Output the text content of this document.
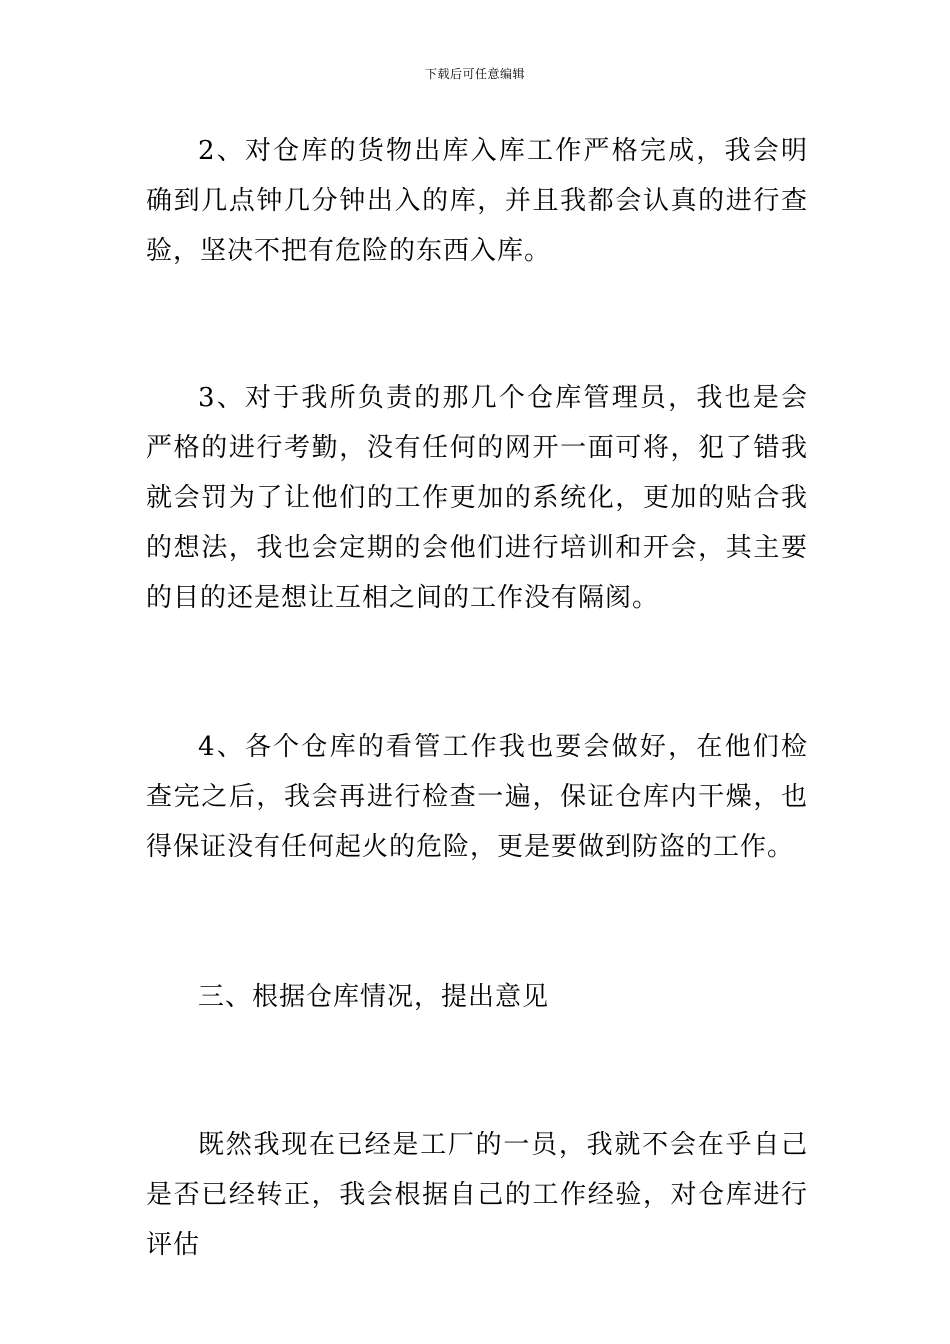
下载后可任意编辑

2、对仓库的货物出库入库工作严格完成，我会明确到几点钟几分钟出入的库，并且我都会认真的进行查验，坚决不把有危险的东西入库。

3、对于我所负责的那几个仓库管理员，我也是会严格的进行考勤，没有任何的网开一面可将，犯了错我就会罚为了让他们的工作更加的系统化，更加的贴合我的想法，我也会定期的会他们进行培训和开会，其主要的目的还是想让互相之间的工作没有隔阂。

4、各个仓库的看管工作我也要会做好，在他们检查完之后，我会再进行检查一遍，保证仓库内干燥，也得保证没有任何起火的危险，更是要做到防盗的工作。

三、根据仓库情况，提出意见

既然我现在已经是工厂的一员，我就不会在乎自己是否已经转正，我会根据自己的工作经验，对仓库进行评估
